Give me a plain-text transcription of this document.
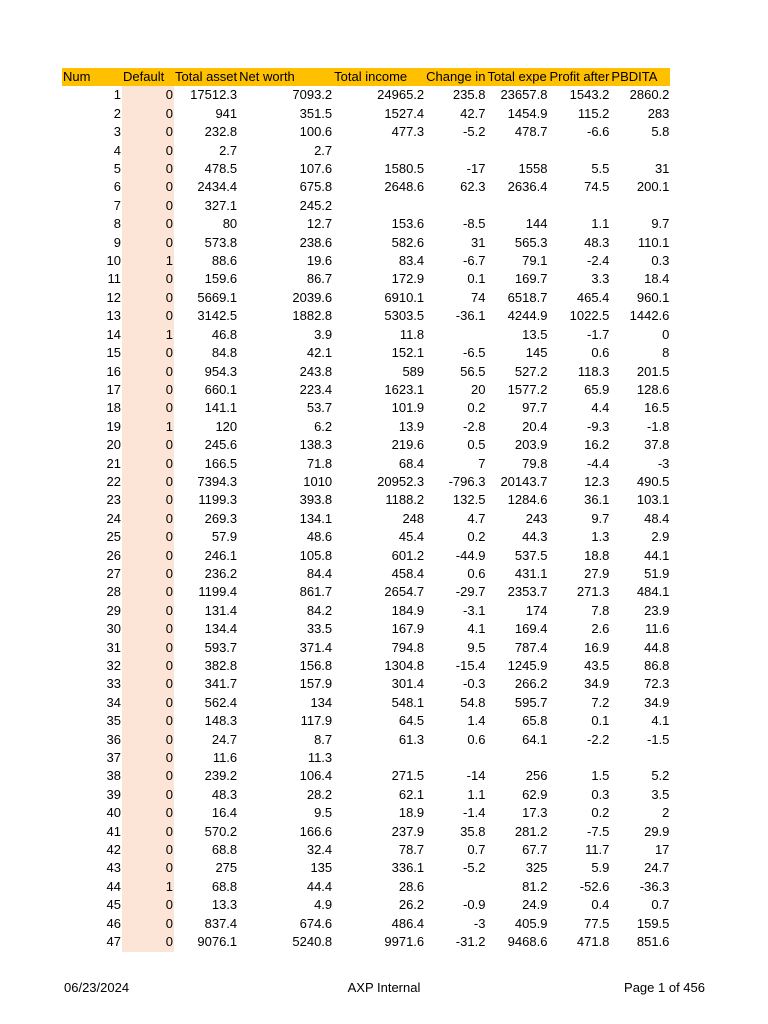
Num	Default	Total asset	Net worth	Total income	Change in	Total expe	Profit after	PBDITA
1	0	17512.3	7093.2	24965.2	235.8	23657.8	1543.2	2860.2
2	0	941	351.5	1527.4	42.7	1454.9	115.2	283
3	0	232.8	100.6	477.3	-5.2	478.7	-6.6	5.8
4	0	2.7	2.7					
5	0	478.5	107.6	1580.5	-17	1558	5.5	31
6	0	2434.4	675.8	2648.6	62.3	2636.4	74.5	200.1
7	0	327.1	245.2					
8	0	80	12.7	153.6	-8.5	144	1.1	9.7
9	0	573.8	238.6	582.6	31	565.3	48.3	110.1
10	1	88.6	19.6	83.4	-6.7	79.1	-2.4	0.3
11	0	159.6	86.7	172.9	0.1	169.7	3.3	18.4
12	0	5669.1	2039.6	6910.1	74	6518.7	465.4	960.1
13	0	3142.5	1882.8	5303.5	-36.1	4244.9	1022.5	1442.6
14	1	46.8	3.9	11.8		13.5	-1.7	0
15	0	84.8	42.1	152.1	-6.5	145	0.6	8
16	0	954.3	243.8	589	56.5	527.2	118.3	201.5
17	0	660.1	223.4	1623.1	20	1577.2	65.9	128.6
18	0	141.1	53.7	101.9	0.2	97.7	4.4	16.5
19	1	120	6.2	13.9	-2.8	20.4	-9.3	-1.8
20	0	245.6	138.3	219.6	0.5	203.9	16.2	37.8
21	0	166.5	71.8	68.4	7	79.8	-4.4	-3
22	0	7394.3	1010	20952.3	-796.3	20143.7	12.3	490.5
23	0	1199.3	393.8	1188.2	132.5	1284.6	36.1	103.1
24	0	269.3	134.1	248	4.7	243	9.7	48.4
25	0	57.9	48.6	45.4	0.2	44.3	1.3	2.9
26	0	246.1	105.8	601.2	-44.9	537.5	18.8	44.1
27	0	236.2	84.4	458.4	0.6	431.1	27.9	51.9
28	0	1199.4	861.7	2654.7	-29.7	2353.7	271.3	484.1
29	0	131.4	84.2	184.9	-3.1	174	7.8	23.9
30	0	134.4	33.5	167.9	4.1	169.4	2.6	11.6
31	0	593.7	371.4	794.8	9.5	787.4	16.9	44.8
32	0	382.8	156.8	1304.8	-15.4	1245.9	43.5	86.8
33	0	341.7	157.9	301.4	-0.3	266.2	34.9	72.3
34	0	562.4	134	548.1	54.8	595.7	7.2	34.9
35	0	148.3	117.9	64.5	1.4	65.8	0.1	4.1
36	0	24.7	8.7	61.3	0.6	64.1	-2.2	-1.5
37	0	11.6	11.3					
38	0	239.2	106.4	271.5	-14	256	1.5	5.2
39	0	48.3	28.2	62.1	1.1	62.9	0.3	3.5
40	0	16.4	9.5	18.9	-1.4	17.3	0.2	2
41	0	570.2	166.6	237.9	35.8	281.2	-7.5	29.9
42	0	68.8	32.4	78.7	0.7	67.7	11.7	17
43	0	275	135	336.1	-5.2	325	5.9	24.7
44	1	68.8	44.4	28.6		81.2	-52.6	-36.3
45	0	13.3	4.9	26.2	-0.9	24.9	0.4	0.7
46	0	837.4	674.6	486.4	-3	405.9	77.5	159.5
47	0	9076.1	5240.8	9971.6	-31.2	9468.6	471.8	851.6
06/23/2024	AXP Internal	Page 1 of 456
